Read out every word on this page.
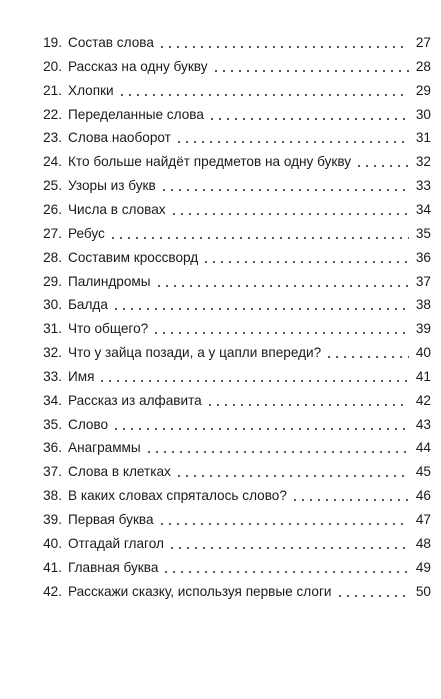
19. Состав слова	27
20. Рассказ на одну букву	28
21. Хлопки	29
22. Переделанные слова	30
23. Слова наоборот	31
24. Кто больше найдёт предметов на одну букву	32
25. Узоры из букв	33
26. Числа в словах	34
27. Ребус	35
28. Составим кроссворд	36
29. Палиндромы	37
30. Балда	38
31. Что общего?	39
32. Что у зайца позади, а у цапли впереди?	40
33. Имя	41
34. Рассказ из алфавита	42
35. Слово	43
36. Анаграммы	44
37. Слова в клетках	45
38. В каких словах спряталось слово?	46
39. Первая буква	47
40. Отгадай глагол	48
41. Главная буква	49
42. Расскажи сказку, используя первые слоги	50
